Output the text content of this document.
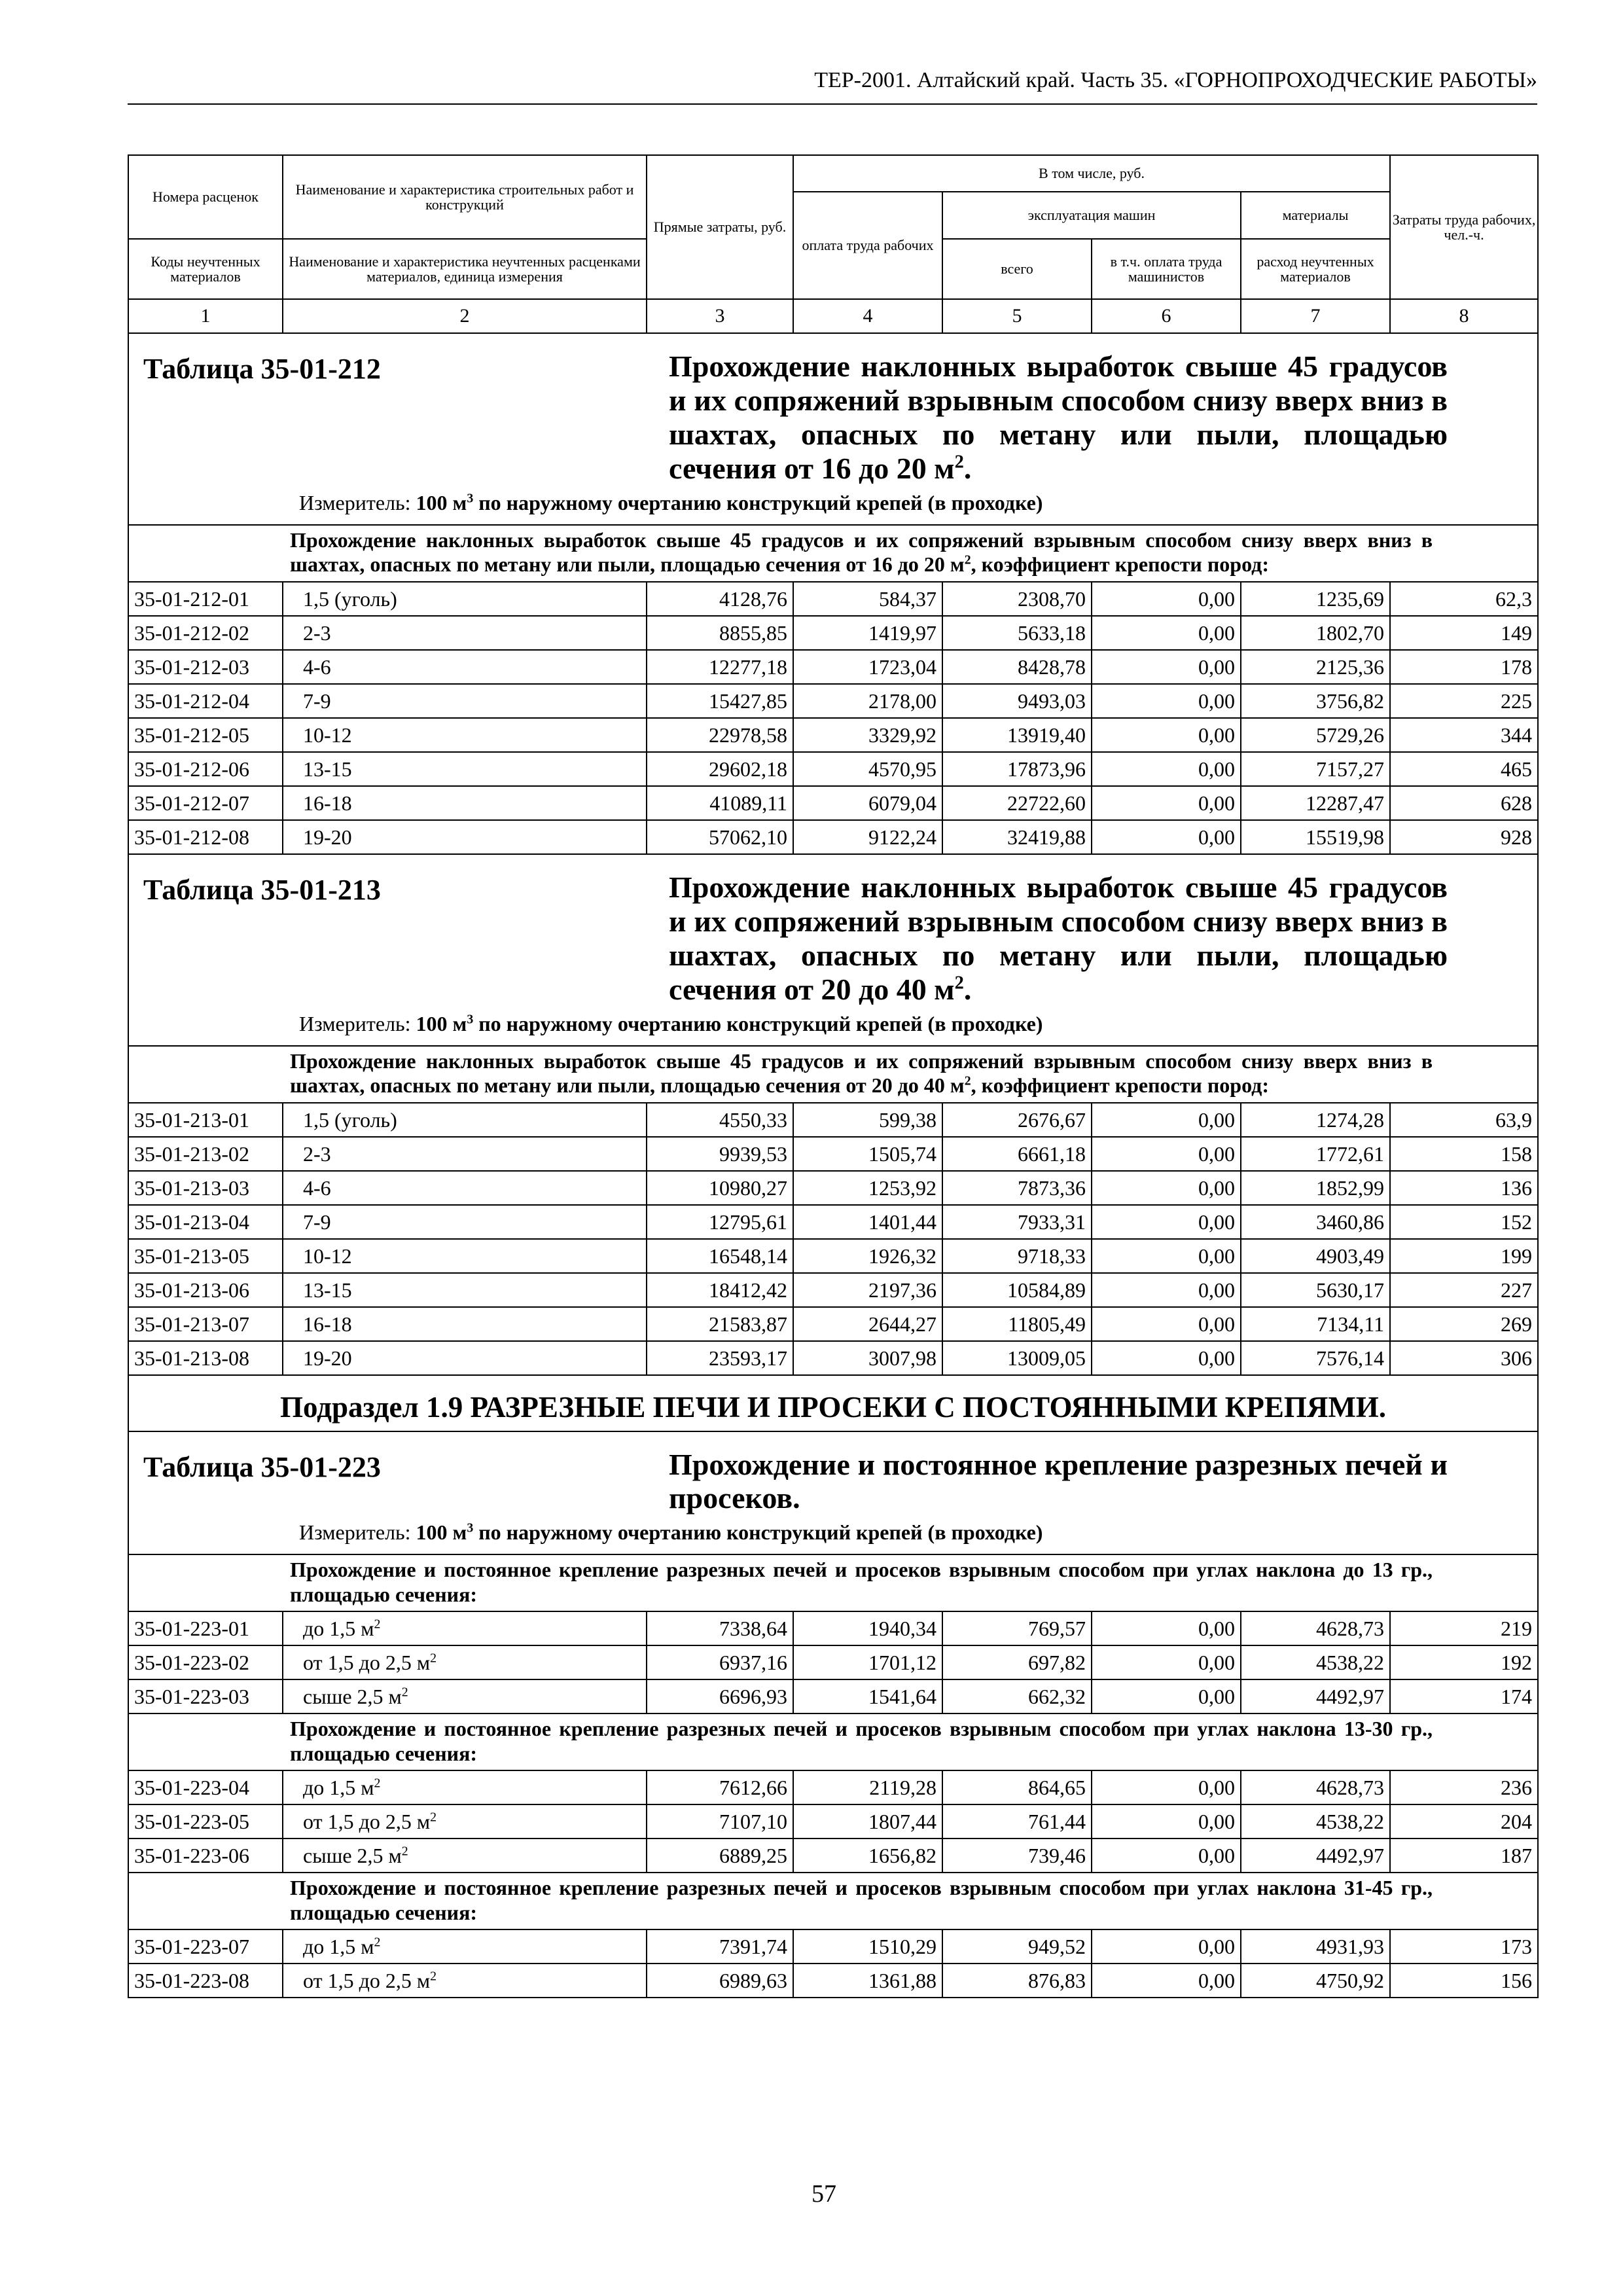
ТЕР-2001. Алтайский край. Часть 35. «ГОРНОПРОХОДЧЕСКИЕ РАБОТЫ»
Номера расценок	Наименование и характеристика строительных работ и конструкций	Прямые затраты, руб.	В том числе, руб.				Затраты труда рабочих, чел.-ч.
			оплата труда рабочих	эксплуатация машин		материалы	
Коды неучтенных материалов	Наименование и характеристика неучтенных расценками материалов, единица измерения			всего	в т.ч. оплата труда машинистов	расход неучтенных материалов	
1	2	3	4	5	6	7	8

Таблица 35-01-212 Прохождение наклонных выработок свыше 45 градусов и их сопряжений взрывным способом снизу вверх вниз в шахтах, опасных по метану или пыли, площадью сечения от 16 до 20 $м^2$.
Измеритель: 100 $м^3$ по наружному очертанию конструкций крепей (в проходке)							

Прохождение наклонных выработок свыше 45 градусов и их сопряжений взрывным способом снизу вверх вниз в шахтах, опасных по метану или пыли, площадью сечения от 16 до 20 $м^2$, коэффициент крепости пород:							
35-01-212-01	1,5 (уголь)	4128,76	584,37	2308,70	0,00	1235,69	62,3
35-01-212-02	2-3	8855,85	1419,97	5633,18	0,00	1802,70	149
35-01-212-03	4-6	12277,18	1723,04	8428,78	0,00	2125,36	178
35-01-212-04	7-9	15427,85	2178,00	9493,03	0,00	3756,82	225
35-01-212-05	10-12	22978,58	3329,92	13919,40	0,00	5729,26	344
35-01-212-06	13-15	29602,18	4570,95	17873,96	0,00	7157,27	465
35-01-212-07	16-18	41089,11	6079,04	22722,60	0,00	12287,47	628
35-01-212-08	19-20	57062,10	9122,24	32419,88	0,00	15519,98	928

Таблица 35-01-213 Прохождение наклонных выработок свыше 45 градусов и их сопряжений взрывным способом снизу вверх вниз в шахтах, опасных по метану или пыли, площадью сечения от 20 до 40 $м^2$.
Измеритель: 100 $м^3$ по наружному очертанию конструкций крепей (в проходке)							

Прохождение наклонных выработок свыше 45 градусов и их сопряжений взрывным способом снизу вверх вниз в шахтах, опасных по метану или пыли, площадью сечения от 20 до 40 $м^2$, коэффициент крепости пород:							
35-01-213-01	1,5 (уголь)	4550,33	599,38	2676,67	0,00	1274,28	63,9
35-01-213-02	2-3	9939,53	1505,74	6661,18	0,00	1772,61	158
35-01-213-03	4-6	10980,27	1253,92	7873,36	0,00	1852,99	136
35-01-213-04	7-9	12795,61	1401,44	7933,31	0,00	3460,86	152
35-01-213-05	10-12	16548,14	1926,32	9718,33	0,00	4903,49	199
35-01-213-06	13-15	18412,42	2197,36	10584,89	0,00	5630,17	227
35-01-213-07	16-18	21583,87	2644,27	11805,49	0,00	7134,11	269
35-01-213-08	19-20	23593,17	3007,98	13009,05	0,00	7576,14	306
Подраздел 1.9 РАЗРЕЗНЫЕ ПЕЧИ И ПРОСЕКИ С ПОСТОЯННЫМИ КРЕПЯМИ.							

Таблица 35-01-223 Прохождение и постоянное крепление разрезных печей и просеков.
Измеритель: 100 $м^3$ по наружному очертанию конструкций крепей (в проходке)							

Прохождение и постоянное крепление разрезных печей и просеков взрывным способом при углах наклона до 13 гр., площадью сечения:							
35-01-223-01	до 1,5 $м^2$	7338,64	1940,34	769,57	0,00	4628,73	219
35-01-223-02	от 1,5 до 2,5 $м^2$	6937,16	1701,12	697,82	0,00	4538,22	192
35-01-223-03	сыше 2,5 $м^2$	6696,93	1541,64	662,32	0,00	4492,97	174
Прохождение и постоянное крепление разрезных печей и просеков взрывным способом при углах наклона 13-30 гр., площадью сечения:							
35-01-223-04	до 1,5 $м^2$	7612,66	2119,28	864,65	0,00	4628,73	236
35-01-223-05	от 1,5 до 2,5 $м^2$	7107,10	1807,44	761,44	0,00	4538,22	204
35-01-223-06	сыше 2,5 $м^2$	6889,25	1656,82	739,46	0,00	4492,97	187
Прохождение и постоянное крепление разрезных печей и просеков взрывным способом при углах наклона 31-45 гр., площадью сечения:							
35-01-223-07	до 1,5 $м^2$	7391,74	1510,29	949,52	0,00	4931,93	173
35-01-223-08	от 1,5 до 2,5 $м^2$	6989,63	1361,88	876,83	0,00	4750,92	156
57
